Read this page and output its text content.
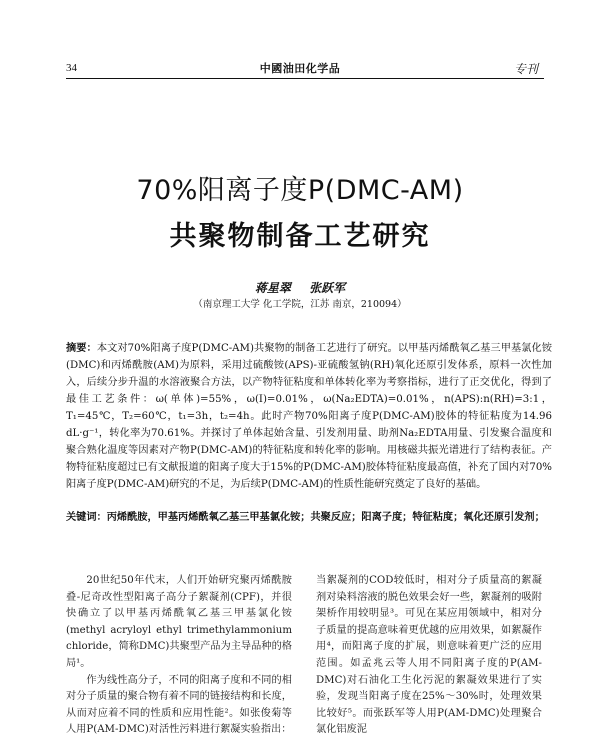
34	中國油田化学品	专刊
70%阳离子度P(DMC-AM)
共聚物制备工艺研究
蒋星翠 张跃军
（南京理工大学 化工学院，江苏 南京，210094）
摘要：本文对70%阳离子度P(DMC-AM)共聚物的制备工艺进行了研究。以甲基丙烯酰氧乙基三甲基氯化铵(DMC)和丙烯酰胺(AM)为原料，采用过硫酸铵(APS)-亚硫酸氢钠(RH)氧化还原引发体系，原料一次性加入，后续分步升温的水溶液聚合方法，以产物特征粘度和单体转化率为考察指标，进行了正交优化，得到了最佳工艺条件：ω(单体)=55%，ω(I)=0.01%，ω(Na₂EDTA)=0.01%，n(APS):n(RH)=3:1，T₁=45℃，T₂=60℃，t₁=3h，t₂=4h。此时产物70%阳离子度P(DMC-AM)胶体的特征粘度为14.96 dL·g⁻¹，转化率为70.61%。并探讨了单体起始含量、引发剂用量、助剂Na₂EDTA用量、引发聚合温度和聚合熟化温度等因素对产物P(DMC-AM)的特征粘度和转化率的影响。用核磁共振光谱进行了结构表征。产物特征粘度超过已有文献报道的阳离子度大于15%的P(DMC-AM)胶体特征粘度最高值，补充了国内对70%阳离子度P(DMC-AM)研究的不足，为后续P(DMC-AM)的性质性能研究奠定了良好的基础。
关键词：丙烯酰胺，甲基丙烯酰氧乙基三甲基氯化铵；共聚反应；阳离子度；特征粘度；氧化还原引发剂；

20世纪50年代末，人们开始研究聚丙烯酰胺叠-尼奇改性型阳离子高分子絮凝剂(CPF)，并很快确立了以甲基丙烯酰氧乙基三甲基氯化铵(methyl acryloyl ethyl trimethylammonium chloride，简称DMC)共聚型产品为主导品种的格局¹。

作为线性高分子，不同的阳离子度和不同的相对分子质量的聚合物有着不同的链接结构和长度，从而对应着不同的性质和应用性能²。如张俊菊等人用P(AM-DMC)对活性污料进行絮凝实验指出：

当絮凝剂的COD较低时，相对分子质量高的絮凝剂对染料溶液的脱色效果会好一些，絮凝剂的吸附架桥作用较明显³。可见在某应用领域中，相对分子质量的提高意味着更优越的应用效果，如絮凝作用⁴，而阳离子度的扩展，则意味着更广泛的应用范围。如孟兆云等人用不同阳离子度的P(AM-DMC)对石油化工生化污泥的絮凝效果进行了实验，发现当阳离子度在25%～30%时，处理效果比较好⁵。而张跃军等人用P(AM-DMC)处理聚合氯化铝废泥
